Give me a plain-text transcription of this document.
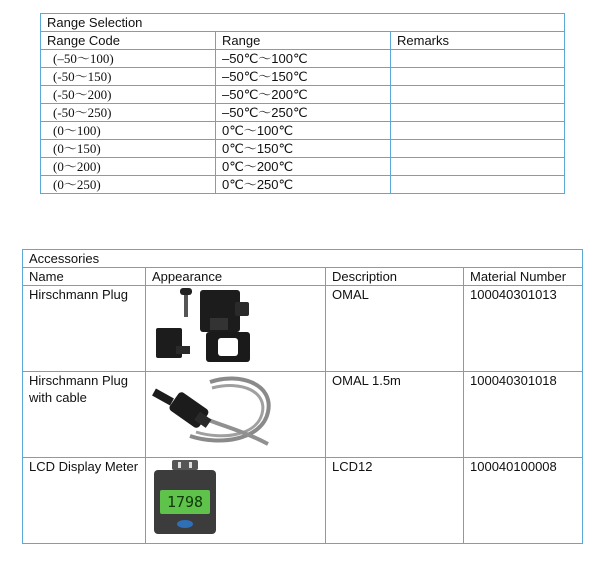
Range Selection		
Range Code	Range	Remarks
(–50～100)	–50℃～100℃	
(-50～150)	–50℃～150℃	
(-50～200)	–50℃～200℃	
(-50～250)	–50℃～250℃	
(0～100)	0℃～100℃	
(0～150)	0℃～150℃	
(0～200)	0℃～200℃	
(0～250)	0℃～250℃	
Accessories			
Name	Appearance	Description	Material Number
Hirschmann Plug		OMAL	100040301013
Hirschmann Plug with cable		OMAL 1.5m	100040301018
LCD Display Meter	1798	LCD12	100040100008
